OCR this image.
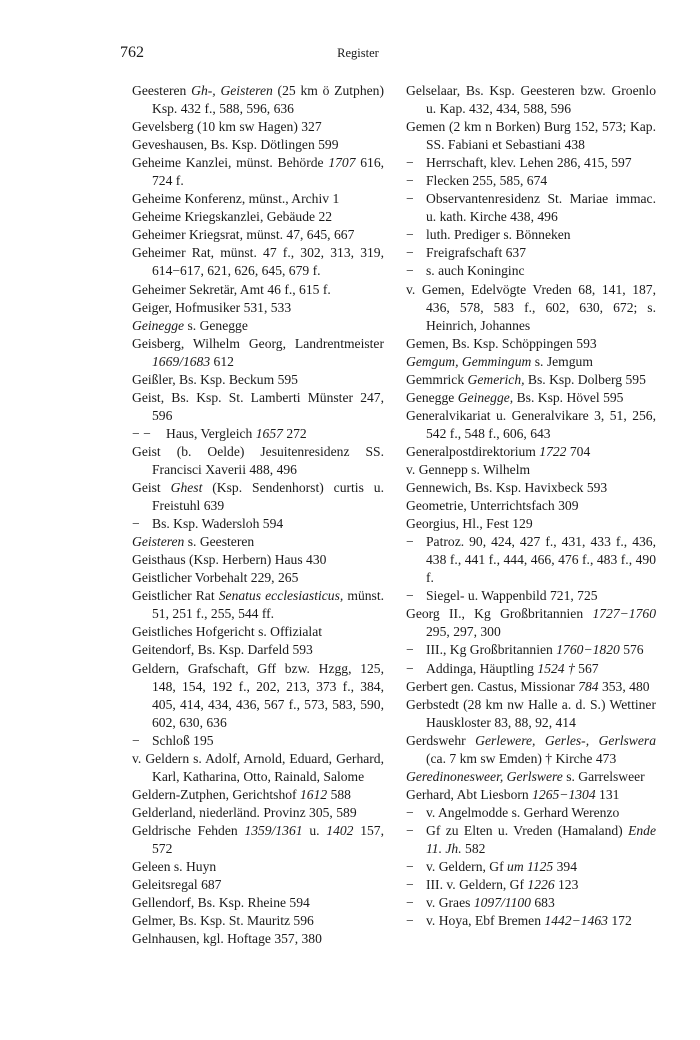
762	Register
Geesteren Gh-, Geisteren (25 km ö Zutphen) Ksp. 432 f., 588, 596, 636
Gevelsberg (10 km sw Hagen) 327
Geveshausen, Bs. Ksp. Dötlingen 599
Geheime Kanzlei, münst. Behörde 1707 616, 724 f.
Geheime Konferenz, münst., Archiv 1
Geheime Kriegskanzlei, Gebäude 22
Geheimer Kriegsrat, münst. 47, 645, 667
Geheimer Rat, münst. 47 f., 302, 313, 319, 614−617, 621, 626, 645, 679 f.
Geheimer Sekretär, Amt 46 f., 615 f.
Geiger, Hofmusiker 531, 533
Geinegge s. Genegge
Geisberg, Wilhelm Georg, Landrentmeister 1669/1683 612
Geißler, Bs. Ksp. Beckum 595
Geist, Bs. Ksp. St. Lamberti Münster 247, 596
− − Haus, Vergleich 1657 272
Geist (b. Oelde) Jesuitenresidenz SS. Francisci Xaverii 488, 496
Geist Ghest (Ksp. Sendenhorst) curtis u. Freistuhl 639
− Bs. Ksp. Wadersloh 594
Geisteren s. Geesteren
Geisthaus (Ksp. Herbern) Haus 430
Geistlicher Vorbehalt 229, 265
Geistlicher Rat Senatus ecclesiasticus, münst. 51, 251 f., 255, 544 ff.
Geistliches Hofgericht s. Offizialat
Geitendorf, Bs. Ksp. Darfeld 593
Geldern, Grafschaft, Gff bzw. Hzgg, 125, 148, 154, 192 f., 202, 213, 373 f., 384, 405, 414, 434, 436, 567 f., 573, 583, 590, 602, 630, 636
− Schloß 195
v. Geldern s. Adolf, Arnold, Eduard, Gerhard, Karl, Katharina, Otto, Rainald, Salome
Geldern-Zutphen, Gerichtshof 1612 588
Gelderland, niederländ. Provinz 305, 589
Geldrische Fehden 1359/1361 u. 1402 157, 572
Geleen s. Huyn
Geleitsregal 687
Gellendorf, Bs. Ksp. Rheine 594
Gelmer, Bs. Ksp. St. Mauritz 596
Gelnhausen, kgl. Hoftage 357, 380
Gelselaar, Bs. Ksp. Geesteren bzw. Groenlo u. Kap. 432, 434, 588, 596
Gemen (2 km n Borken) Burg 152, 573; Kap. SS. Fabiani et Sebastiani 438
− Herrschaft, klev. Lehen 286, 415, 597
− Flecken 255, 585, 674
− Observantenresidenz St. Mariae immac. u. kath. Kirche 438, 496
− luth. Prediger s. Bönneken
− Freigrafschaft 637
− s. auch Koninginc
v. Gemen, Edelvögte Vreden 68, 141, 187, 436, 578, 583 f., 602, 630, 672; s. Heinrich, Johannes
Gemen, Bs. Ksp. Schöppingen 593
Gemgum, Gemmingum s. Jemgum
Gemmrick Gemerich, Bs. Ksp. Dolberg 595
Genegge Geinegge, Bs. Ksp. Hövel 595
Generalvikariat u. Generalvikare 3, 51, 256, 542 f., 548 f., 606, 643
Generalpostdirektorium 1722 704
v. Gennepp s. Wilhelm
Gennewich, Bs. Ksp. Havixbeck 593
Geometrie, Unterrichtsfach 309
Georgius, Hl., Fest 129
− Patroz. 90, 424, 427 f., 431, 433 f., 436, 438 f., 441 f., 444, 466, 476 f., 483 f., 490 f.
− Siegel- u. Wappenbild 721, 725
Georg II., Kg Großbritannien 1727−1760 295, 297, 300
− III., Kg Großbritannien 1760−1820 576
− Addinga, Häuptling 1524 † 567
Gerbert gen. Castus, Missionar 784 353, 480
Gerbstedt (28 km nw Halle a. d. S.) Wettiner Hauskloster 83, 88, 92, 414
Gerdswehr Gerlewere, Gerles-, Gerlswera (ca. 7 km sw Emden) † Kirche 473
Geredinonesweer, Gerlswere s. Garrelsweer
Gerhard, Abt Liesborn 1265−1304 131
− v. Angelmodde s. Gerhard Werenzo
− Gf zu Elten u. Vreden (Hamaland) Ende 11. Jh. 582
− v. Geldern, Gf um 1125 394
− III. v. Geldern, Gf 1226 123
− v. Graes 1097/1100 683
− v. Hoya, Ebf Bremen 1442−1463 172
